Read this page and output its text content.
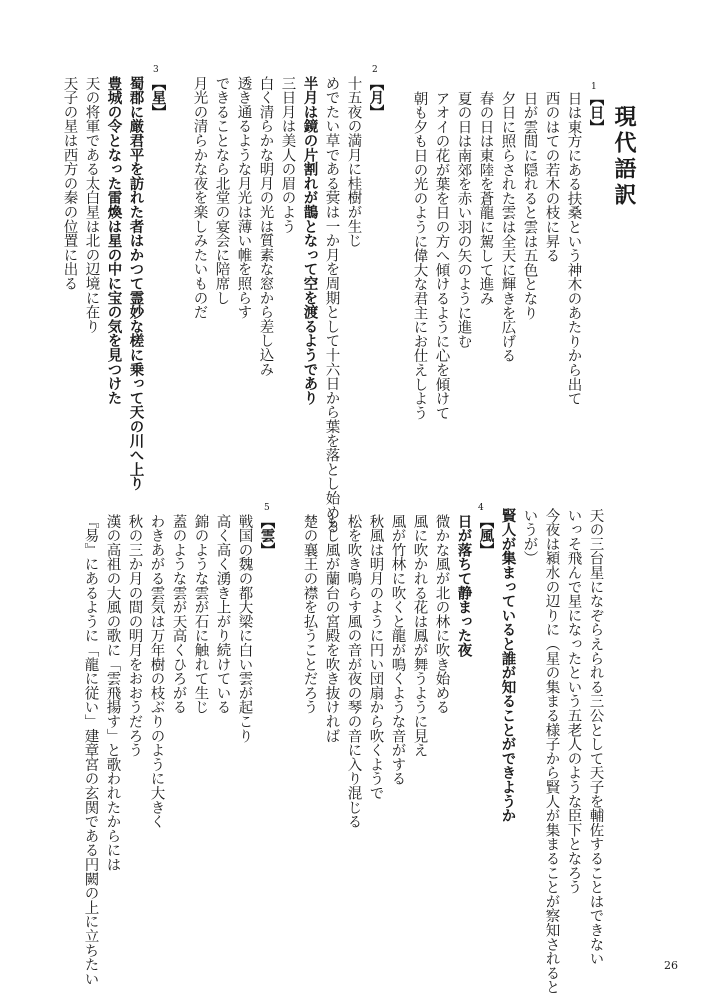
現代語訳
1
【日】
日は東方にある扶桑という神木のあたりから出て
西のはての若木の枝に昇る
日が雲間に隠れると雲は五色となり
夕日に照らされた雲は全天に輝きを広げる
春の日は東陸を蒼龍に駕して進み
夏の日は南郊を赤い羽の矢のように進む
アオイの花が葉を日の方へ傾けるように心を傾けて
朝も夕も日の光のように偉大な君主にお仕えしよう
2
【月】
十五夜の満月に桂樹が生じ
めでたい草である蓂は一か月を周期として十六日から葉を落とし始める
半月は鏡の片割れが鵲となって空を渡るようであり
三日月は美人の眉のよう
白く清らかな明月の光は質素な窓から差し込み
透き通るような月光は薄い帷を照らす
できることなら北堂の宴会に陪席し
月光の清らかな夜を楽しみたいものだ
3
【星】
蜀郡に厳君平を訪れた者はかつて霊妙な槎に乗って天の川へ上り
豊城の令となった雷煥は星の中に宝の気を見つけた
天の将軍である太白星は北の辺境に在り
天子の星は西方の秦の位置に出る
天の三台星になぞらえられる三公として天子を輔佐することはできない
いっそ飛んで星になったという五老人のような臣下となろう
今夜は潁水の辺りに（星の集まる様子から賢人が集まることが察知されると
いうが）
賢人が集まっていると誰が知ることができようか
4
【風】
日が落ちて静まった夜
微かな風が北の林に吹き始める
風に吹かれる花は鳳が舞うように見え
風が竹林に吹くと龍が鳴くような音がする
秋風は明月のように円い団扇から吹くようで
松を吹き鳴らす風の音が夜の琴の音に入り混じる
もし風が蘭台の宮殿を吹き抜ければ
楚の襄王の襟を払うことだろう
5
【雲】
戦国の魏の都大梁に白い雲が起こり
高く高く湧き上がり続けている
錦のような雲が石に触れて生じ
蓋のような雲が天高くひろがる
わきあがる雲気は万年樹の枝ぶりのように大きく
秋の三か月の間の明月をおおうだろう
漢の高祖の大風の歌に「雲飛揚す」と歌われたからには
『易』にあるように「龍に従い」建章宮の玄関である円闕の上に立ちたい	26
